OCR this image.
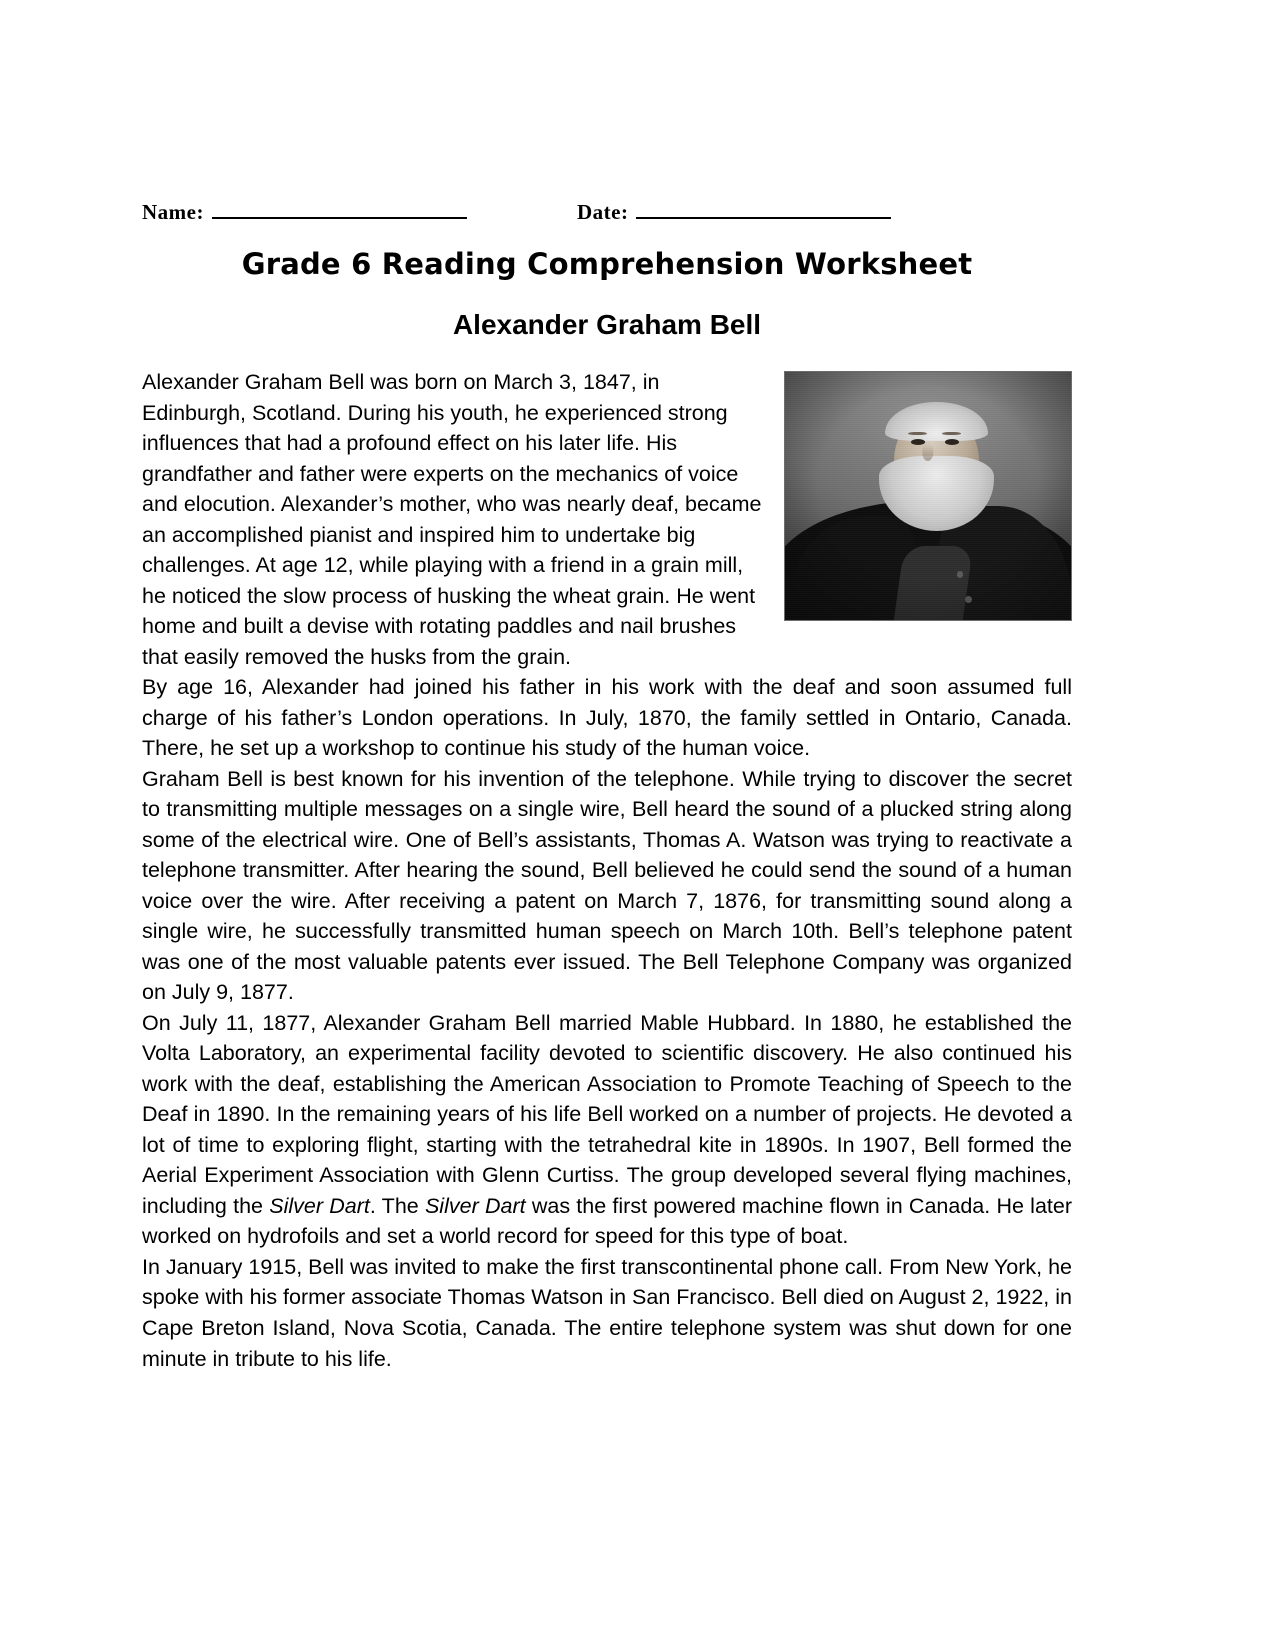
Name:	Date:
Grade 6 Reading Comprehension Worksheet
Alexander Graham Bell

Alexander Graham Bell was born on March 3, 1847, in Edinburgh, Scotland. During his youth, he experienced strong influences that had a profound effect on his later life. His grandfather and father were experts on the mechanics of voice and elocution. Alexander’s mother, who was nearly deaf, became an accomplished pianist and inspired him to undertake big challenges. At age 12, while playing with a friend in a grain mill, he noticed the slow process of husking the wheat grain. He went home and built a devise with rotating paddles and nail brushes that easily removed the husks from the grain.

By age 16, Alexander had joined his father in his work with the deaf and soon assumed full charge of his father’s London operations. In July, 1870, the family settled in Ontario, Canada. There, he set up a workshop to continue his study of the human voice.

Graham Bell is best known for his invention of the telephone. While trying to discover the secret to transmitting multiple messages on a single wire, Bell heard the sound of a plucked string along some of the electrical wire. One of Bell’s assistants, Thomas A. Watson was trying to reactivate a telephone transmitter. After hearing the sound, Bell believed he could send the sound of a human voice over the wire. After receiving a patent on March 7, 1876, for transmitting sound along a single wire, he successfully transmitted human speech on March 10th. Bell’s telephone patent was one of the most valuable patents ever issued. The Bell Telephone Company was organized on July 9, 1877.

On July 11, 1877, Alexander Graham Bell married Mable Hubbard. In 1880, he established the Volta Laboratory, an experimental facility devoted to scientific discovery. He also continued his work with the deaf, establishing the American Association to Promote Teaching of Speech to the Deaf in 1890. In the remaining years of his life Bell worked on a number of projects. He devoted a lot of time to exploring flight, starting with the tetrahedral kite in 1890s. In 1907, Bell formed the Aerial Experiment Association with Glenn Curtiss. The group developed several flying machines, including the Silver Dart. The Silver Dart was the first powered machine flown in Canada. He later worked on hydrofoils and set a world record for speed for this type of boat.

In January 1915, Bell was invited to make the first transcontinental phone call. From New York, he spoke with his former associate Thomas Watson in San Francisco. Bell died on August 2, 1922, in Cape Breton Island, Nova Scotia, Canada. The entire telephone system was shut down for one minute in tribute to his life.
